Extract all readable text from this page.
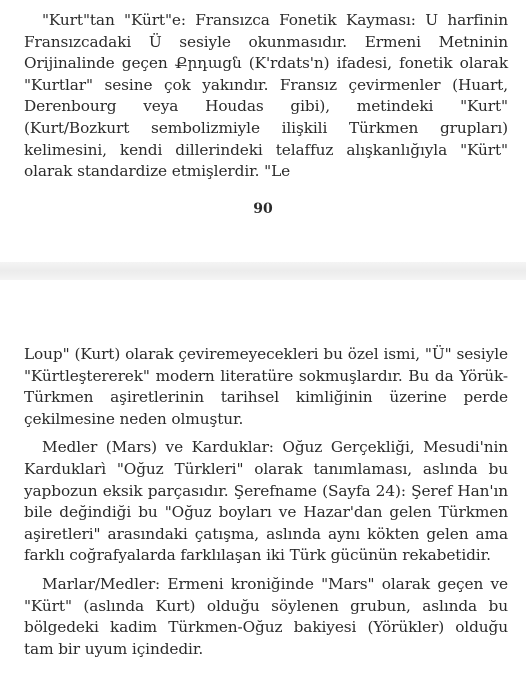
"Kurt"tan "Kürt"e: Fransızca Fonetik Kayması: U harfinin Fransızcadaki Ü sesiyle okunmasıdır. Ermeni Metninin Orijinalinde geçen Քրդացն (K'rdats'n) ifadesi, fonetik olarak "Kurtlar" sesine çok yakındır. Fransız çevirmenler (Huart, Derenbourg veya Houdas gibi), metindeki "Kurt" (Kurt/Bozkurt sembolizmiyle ilişkili Türkmen grupları) kelimesini, kendi dillerindeki telaffuz alışkanlığıyla "Kürt" olarak standardize etmişlerdir. "Le

90

Loup" (Kurt) olarak çeviremeyecekleri bu özel ismi, "Ü" sesiyle "Kürtleştererek" modern literatüre sokmuşlardır. Bu da Yörük-Türkmen aşiretlerinin tarihsel kimliğinin üzerine perde çekilmesine neden olmuştur.

Medler (Mars) ve Karduklar: Oğuz Gerçekliği, Mesudi'nin Karduklarì "Oğuz Türkleri" olarak tanımlaması, aslında bu yapbozun eksik parçasıdır. Şerefname (Sayfa 24): Şeref Han'ın bile değindiği bu "Oğuz boyları ve Hazar'dan gelen Türkmen aşiretleri" arasındaki çatışma, aslında aynı kökten gelen ama farklı coğrafyalarda farklılaşan iki Türk gücünün rekabetidir.

Marlar/Medler: Ermeni kroniğinde "Mars" olarak geçen ve "Kürt" (aslında Kurt) olduğu söylenen grubun, aslında bu bölgedeki kadim Türkmen-Oğuz bakiyesi (Yörükler) olduğu tam bir uyum içindedir.
